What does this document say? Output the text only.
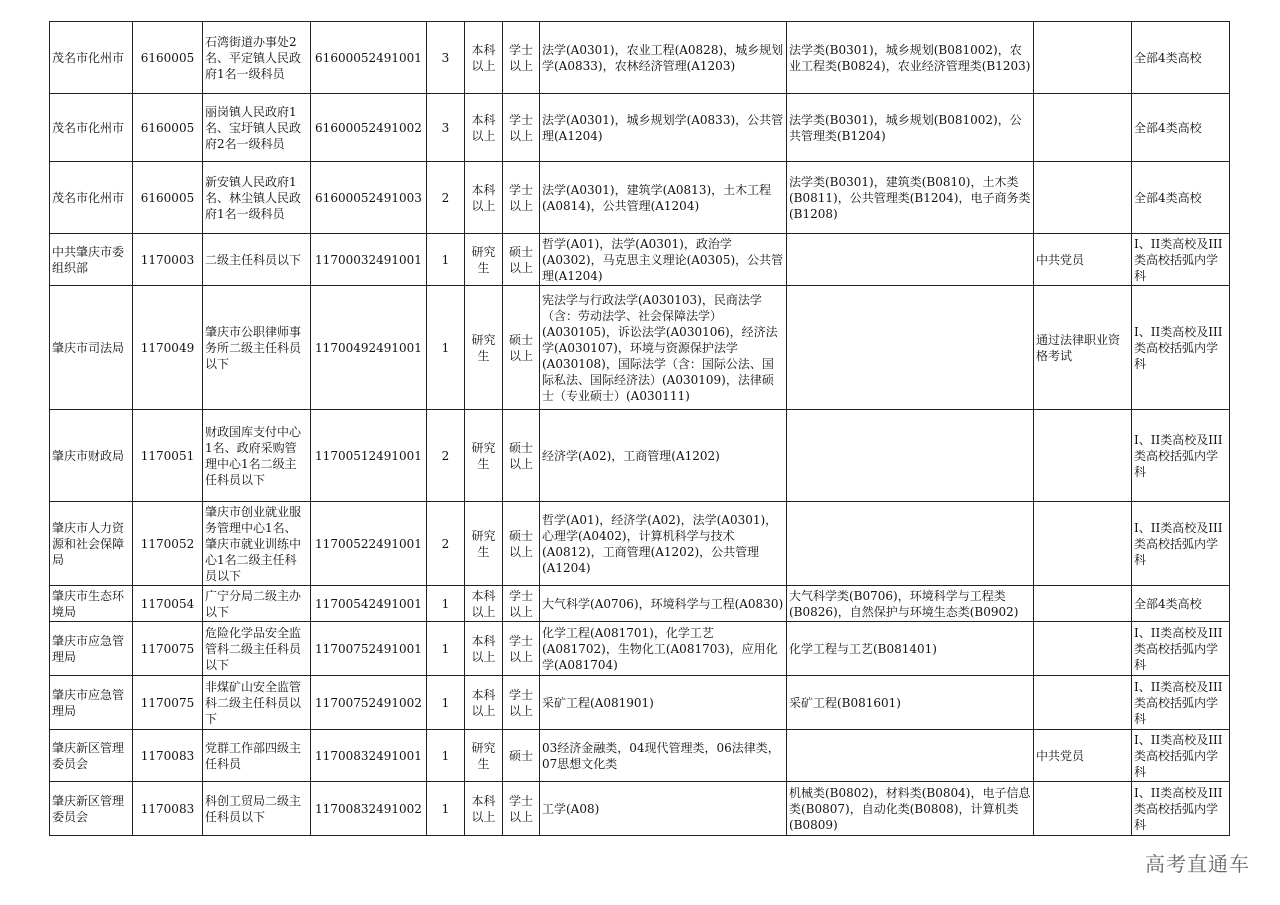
茂名市化州市	6160005	石湾街道办事处2名、平定镇人民政府1名一级科员	61600052491001	3	本科以上	学士以上	法学(A0301)，农业工程(A0828)，城乡规划学(A0833)，农林经济管理(A1203)	法学类(B0301)，城乡规划(B081002)，农业工程类(B0824)，农业经济管理类(B1203)		全部4类高校
茂名市化州市	6160005	丽岗镇人民政府1名、宝圩镇人民政府2名一级科员	61600052491002	3	本科以上	学士以上	法学(A0301)，城乡规划学(A0833)，公共管理(A1204)	法学类(B0301)，城乡规划(B081002)，公共管理类(B1204)		全部4类高校
茂名市化州市	6160005	新安镇人民政府1名、林尘镇人民政府1名一级科员	61600052491003	2	本科以上	学士以上	法学(A0301)，建筑学(A0813)，土木工程(A0814)，公共管理(A1204)	法学类(B0301)，建筑类(B0810)，土木类(B0811)，公共管理类(B1204)，电子商务类(B1208)		全部4类高校
中共肇庆市委组织部	1170003	二级主任科员以下	11700032491001	1	研究生	硕士以上	哲学(A01)，法学(A0301)，政治学(A0302)，马克思主义理论(A0305)，公共管理(A1204)		中共党员	I、II类高校及III类高校括弧内学科
肇庆市司法局	1170049	肇庆市公职律师事务所二级主任科员以下	11700492491001	1	研究生	硕士以上	宪法学与行政法学(A030103)，民商法学（含：劳动法学、社会保障法学）(A030105)，诉讼法学(A030106)，经济法学(A030107)，环境与资源保护法学(A030108)，国际法学（含：国际公法、国际私法、国际经济法）(A030109)，法律硕士（专业硕士）(A030111)		通过法律职业资格考试	I、II类高校及III类高校括弧内学科
肇庆市财政局	1170051	财政国库支付中心1名、政府采购管理中心1名二级主任科员以下	11700512491001	2	研究生	硕士以上	经济学(A02)，工商管理(A1202)			I、II类高校及III类高校括弧内学科
肇庆市人力资源和社会保障局	1170052	肇庆市创业就业服务管理中心1名、肇庆市就业训练中心1名二级主任科员以下	11700522491001	2	研究生	硕士以上	哲学(A01)，经济学(A02)，法学(A0301)，心理学(A0402)，计算机科学与技术(A0812)，工商管理(A1202)，公共管理(A1204)			I、II类高校及III类高校括弧内学科
肇庆市生态环境局	1170054	广宁分局二级主办以下	11700542491001	1	本科以上	学士以上	大气科学(A0706)，环境科学与工程(A0830)	大气科学类(B0706)，环境科学与工程类(B0826)，自然保护与环境生态类(B0902)		全部4类高校
肇庆市应急管理局	1170075	危险化学品安全监管科二级主任科员以下	11700752491001	1	本科以上	学士以上	化学工程(A081701)，化学工艺(A081702)，生物化工(A081703)，应用化学(A081704)	化学工程与工艺(B081401)		I、II类高校及III类高校括弧内学科
肇庆市应急管理局	1170075	非煤矿山安全监管科二级主任科员以下	11700752491002	1	本科以上	学士以上	采矿工程(A081901)	采矿工程(B081601)		I、II类高校及III类高校括弧内学科
肇庆新区管理委员会	1170083	党群工作部四级主任科员	11700832491001	1	研究生	硕士	03经济金融类，04现代管理类，06法律类，07思想文化类		中共党员	I、II类高校及III类高校括弧内学科
肇庆新区管理委员会	1170083	科创工贸局二级主任科员以下	11700832491002	1	本科以上	学士以上	工学(A08)	机械类(B0802)，材料类(B0804)，电子信息类(B0807)，自动化类(B0808)，计算机类(B0809)		I、II类高校及III类高校括弧内学科
高考直通车
